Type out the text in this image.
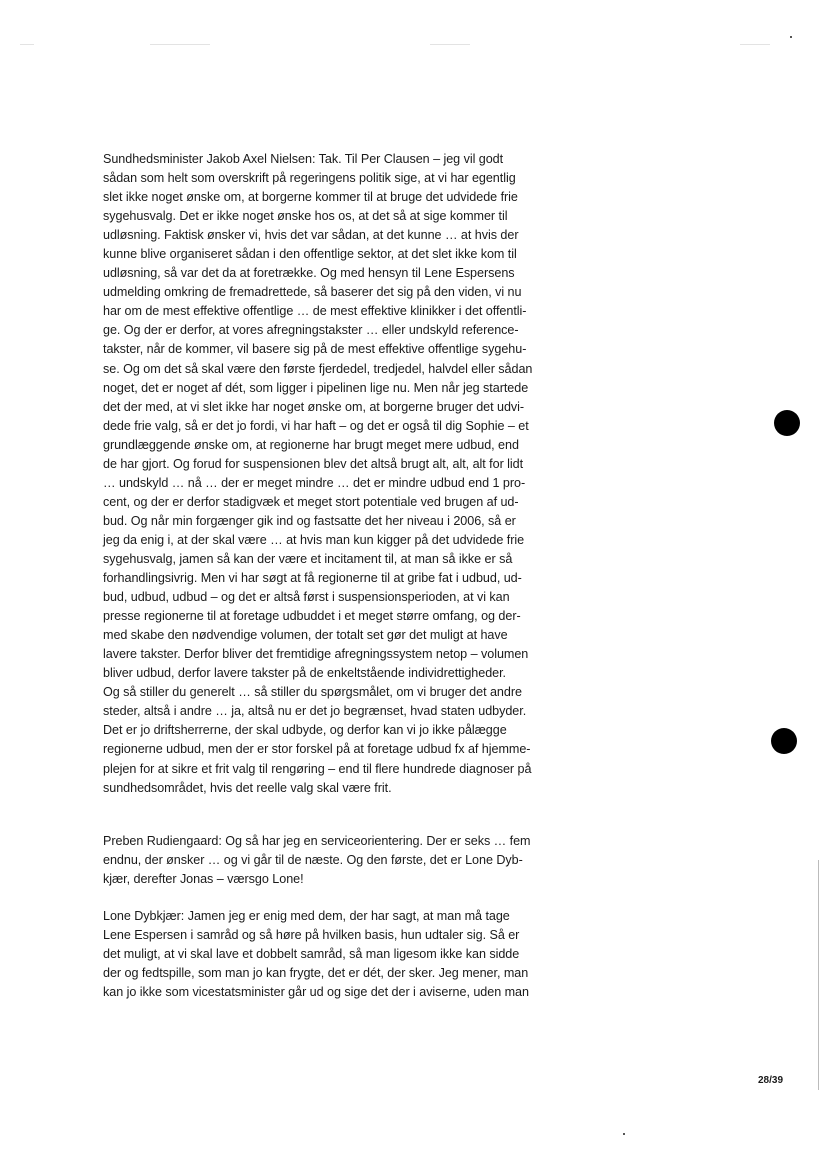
Sundhedsminister Jakob Axel Nielsen: Tak. Til Per Clausen – jeg vil godt
sådan som helt som overskrift på regeringens politik sige, at vi har egentlig
slet ikke noget ønske om, at borgerne kommer til at bruge det udvidede frie
sygehusvalg. Det er ikke noget ønske hos os, at det så at sige kommer til
udløsning. Faktisk ønsker vi, hvis det var sådan, at det kunne … at hvis der
kunne blive organiseret sådan i den offentlige sektor, at det slet ikke kom til
udløsning, så var det da at foretrække. Og med hensyn til Lene Espersens
udmelding omkring de fremadrettede, så baserer det sig på den viden, vi nu
har om de mest effektive offentlige … de mest effektive klinikker i det offentli-
ge. Og der er derfor, at vores afregningstakster … eller undskyld reference-
takster, når de kommer, vil basere sig på de mest effektive offentlige sygehu-
se. Og om det så skal være den første fjerdedel, tredjedel, halvdel eller sådan
noget, det er noget af dét, som ligger i pipelinen lige nu. Men når jeg startede
det der med, at vi slet ikke har noget ønske om, at borgerne bruger det udvi-
dede frie valg, så er det jo fordi, vi har haft – og det er også til dig Sophie – et
grundlæggende ønske om, at regionerne har brugt meget mere udbud, end
de har gjort. Og forud for suspensionen blev det altså brugt alt, alt, alt for lidt
… undskyld … nå … der er meget mindre … det er mindre udbud end 1 pro-
cent, og der er derfor stadigvæk et meget stort potentiale ved brugen af ud-
bud. Og når min forgænger gik ind og fastsatte det her niveau i 2006, så er
jeg da enig i, at der skal være … at hvis man kun kigger på det udvidede frie
sygehusvalg, jamen så kan der være et incitament til, at man så ikke er så
forhandlingsivrig. Men vi har søgt at få regionerne til at gribe fat i udbud, ud-
bud, udbud, udbud – og det er altså først i suspensionsperioden, at vi kan
presse regionerne til at foretage udbuddet i et meget større omfang, og der-
med skabe den nødvendige volumen, der totalt set gør det muligt at have
lavere takster. Derfor bliver det fremtidige afregningssystem netop – volumen
bliver udbud, derfor lavere takster på de enkeltstående individrettigheder.
Og så stiller du generelt … så stiller du spørgsmålet, om vi bruger det andre
steder, altså i andre … ja, altså nu er det jo begrænset, hvad staten udbyder.
Det er jo driftsherrerne, der skal udbyde, og derfor kan vi jo ikke pålægge
regionerne udbud, men der er stor forskel på at foretage udbud fx af hjemme-
plejen for at sikre et frit valg til rengøring – end til flere hundrede diagnoser på
sundhedsområdet, hvis det reelle valg skal være frit.

Preben Rudiengaard: Og så har jeg en serviceorientering. Der er seks … fem
endnu, der ønsker … og vi går til de næste. Og den første, det er Lone Dyb-
kjær, derefter Jonas – værsgo Lone!

Lone Dybkjær: Jamen jeg er enig med dem, der har sagt, at man må tage
Lene Espersen i samråd og så høre på hvilken basis, hun udtaler sig. Så er
det muligt, at vi skal lave et dobbelt samråd, så man ligesom ikke kan sidde
der og fedtspille, som man jo kan frygte, det er dét, der sker. Jeg mener, man
kan jo ikke som vicestatsminister går ud og sige det der i aviserne, uden man

28/39
